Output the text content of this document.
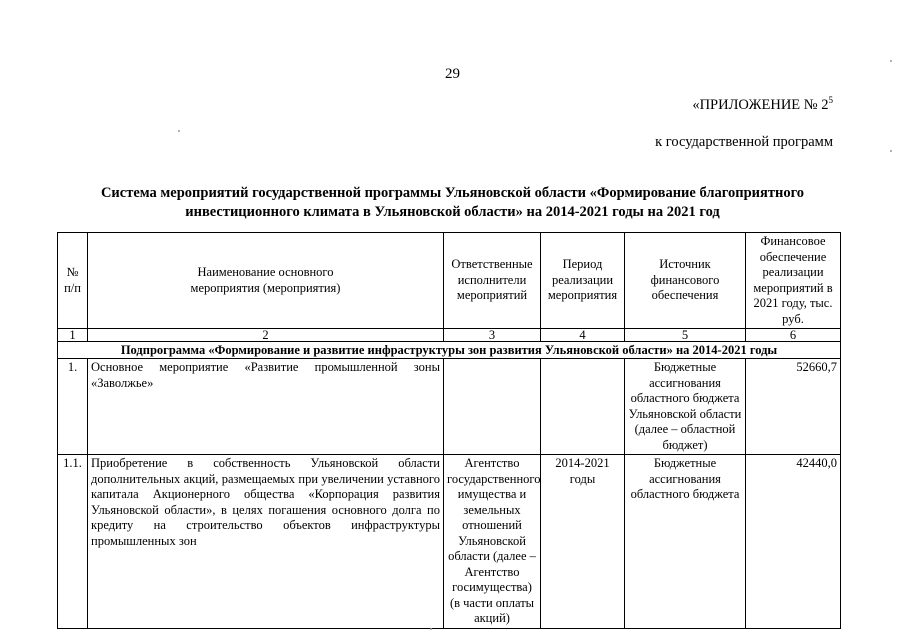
29
«ПРИЛОЖЕНИЕ № $2^5$
к государственной программ
Система мероприятий государственной программы Ульяновской области «Формирование благоприятного
инвестиционного климата в Ульяновской области» на 2014-2021 годы на 2021 год
№ п/п	Наименование основного мероприятия (мероприятия)	Ответственные исполнители мероприятий	Период реализации мероприятия	Источник финансового обеспечения	Финансовое обеспечение реализации мероприятий в 2021 году, тыс. руб.
1	2	3	4	5	6
Подпрограмма «Формирование и развитие инфраструктуры зон развития Ульяновской области» на 2014-2021 годы					
1.	Основное мероприятие «Развитие промышленной зоны «Заволжье»			Бюджетные ассигнования областного бюджета Ульяновской области (далее – областной бюджет)	52660,7
1.1.	Приобретение в собственность Ульяновской области дополнительных акций, размещаемых при увеличении уставного капитала Акционерного общества «Корпорация развития Ульяновской области», в целях погашения основного долга по кредиту на строительство объектов инфраструктуры промышленных зон	Агентство государственного имущества и земельных отношений Ульяновской области (далее – Агентство госимущества) (в части оплаты акций)	2014-2021 годы	Бюджетные ассигнования областного бюджета	42440,0
